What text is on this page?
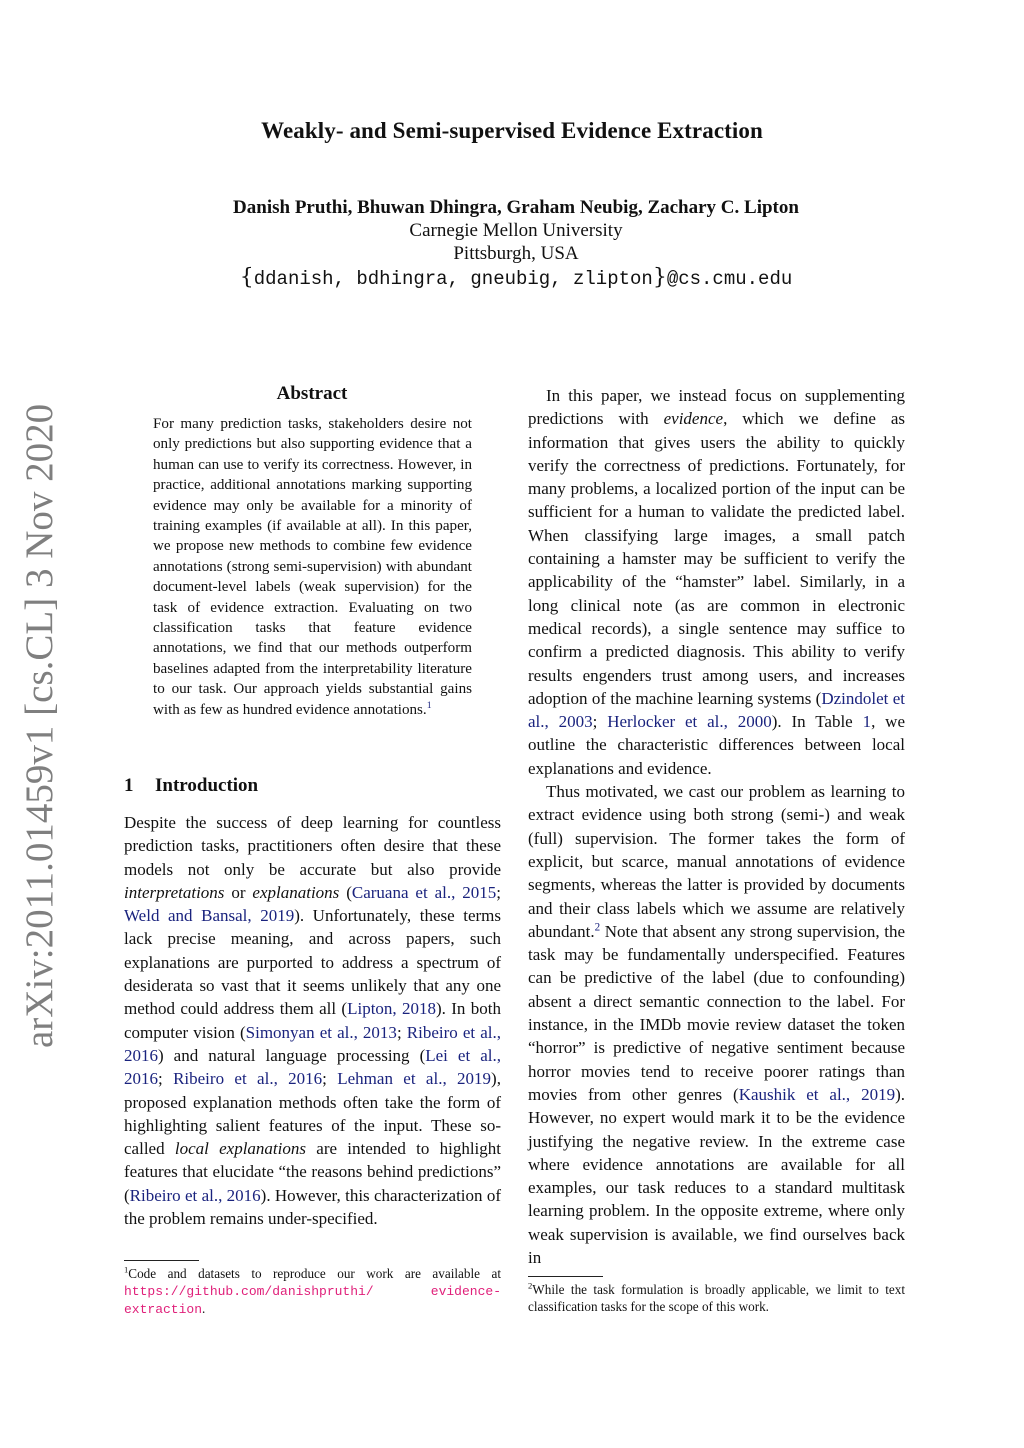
arXiv:2011.01459v1 [cs.CL] 3 Nov 2020
Weakly- and Semi-supervised Evidence Extraction
Danish Pruthi, Bhuwan Dhingra, Graham Neubig, Zachary C. Lipton
Carnegie Mellon University
Pittsburgh, USA
{ddanish, bdhingra, gneubig, zlipton}@cs.cmu.edu
Abstract
For many prediction tasks, stakeholders desire not only predictions but also supporting evidence that a human can use to verify its correctness. However, in practice, additional annotations marking supporting evidence may only be available for a minority of training examples (if available at all). In this paper, we propose new methods to combine few evidence annotations (strong semi-supervision) with abundant document-level labels (weak supervision) for the task of evidence extraction. Evaluating on two classification tasks that feature evidence annotations, we find that our methods outperform baselines adapted from the interpretability literature to our task. Our approach yields substantial gains with as few as hundred evidence annotations.$^1$
1 Introduction

Despite the success of deep learning for countless prediction tasks, practitioners often desire that these models not only be accurate but also provide interpretations or explanations (Caruana et al., 2015; Weld and Bansal, 2019). Unfortunately, these terms lack precise meaning, and across papers, such explanations are purported to address a spectrum of desiderata so vast that it seems unlikely that any one method could address them all (Lipton, 2018). In both computer vision (Simonyan et al., 2013; Ribeiro et al., 2016) and natural language processing (Lei et al., 2016; Ribeiro et al., 2016; Lehman et al., 2019), proposed explanation methods often take the form of highlighting salient features of the input. These so-called local explanations are intended to highlight features that elucidate “the reasons behind predictions” (Ribeiro et al., 2016). However, this characterization of the problem remains under-specified.

In this paper, we instead focus on supplementing predictions with evidence, which we define as information that gives users the ability to quickly verify the correctness of predictions. Fortunately, for many problems, a localized portion of the input can be sufficient for a human to validate the predicted label. When classifying large images, a small patch containing a hamster may be sufficient to verify the applicability of the “hamster” label. Similarly, in a long clinical note (as are common in electronic medical records), a single sentence may suffice to confirm a predicted diagnosis. This ability to verify results engenders trust among users, and increases adoption of the machine learning systems (Dzindolet et al., 2003; Herlocker et al., 2000). In Table 1, we outline the characteristic differences between local explanations and evidence.

Thus motivated, we cast our problem as learning to extract evidence using both strong (semi-) and weak (full) supervision. The former takes the form of explicit, but scarce, manual annotations of evidence segments, whereas the latter is provided by documents and their class labels which we assume are relatively abundant.$^2$ Note that absent any strong supervision, the task may be fundamentally underspecified. Features can be predictive of the label (due to confounding) absent a direct semantic connection to the label. For instance, in the IMDb movie review dataset the token “horror” is predictive of negative sentiment because horror movies tend to receive poorer ratings than movies from other genres (Kaushik et al., 2019). However, no expert would mark it to be the evidence justifying the negative review. In the extreme case where evidence annotations are available for all examples, our task reduces to a standard multitask learning problem. In the opposite extreme, where only weak supervision is available, we find ourselves back in

$^1$Code and datasets to reproduce our work are available at https://github.com/danishpruthi/	evidence-extraction.
$^2$While the task formulation is broadly applicable, we limit to text classification tasks for the scope of this work.
